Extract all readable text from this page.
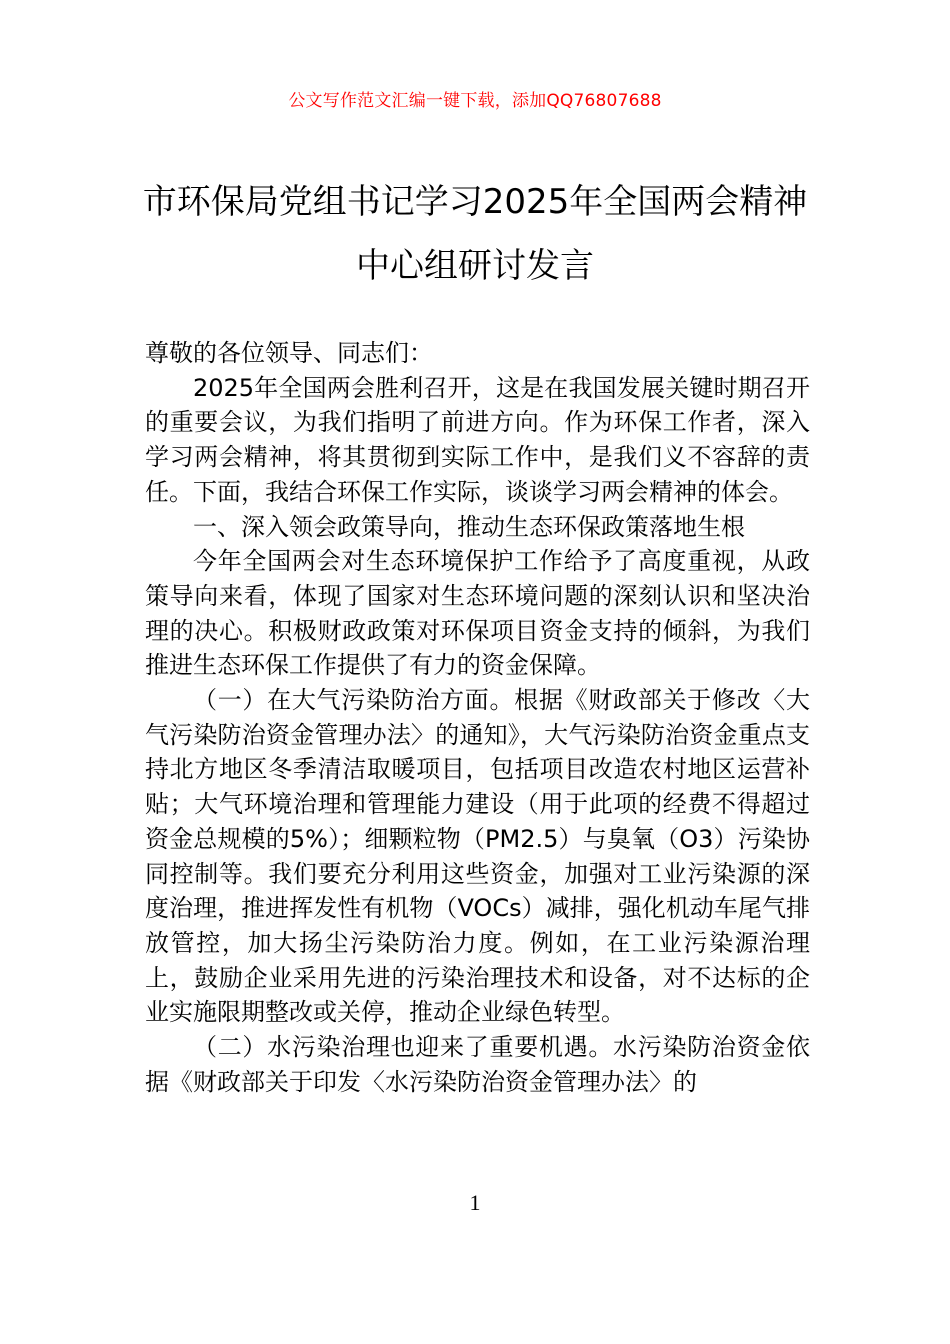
公文写作范文汇编一键下载，添加QQ76807688
市环保局党组书记学习2025年全国两会精神中心组研讨发言

尊敬的各位领导、同志们：

2025年全国两会胜利召开，这是在我国发展关键时期召开的重要会议，为我们指明了前进方向。作为环保工作者，深入学习两会精神，将其贯彻到实际工作中，是我们义不容辞的责任。下面，我结合环保工作实际，谈谈学习两会精神的体会。

一、深入领会政策导向，推动生态环保政策落地生根

今年全国两会对生态环境保护工作给予了高度重视，从政策导向来看，体现了国家对生态环境问题的深刻认识和坚决治理的决心。积极财政政策对环保项目资金支持的倾斜，为我们推进生态环保工作提供了有力的资金保障。

（一）在大气污染防治方面。根据《财政部关于修改〈大气污染防治资金管理办法〉的通知》，大气污染防治资金重点支持北方地区冬季清洁取暖项目，包括项目改造农村地区运营补贴；大气环境治理和管理能力建设（用于此项的经费不得超过资金总规模的5%）；细颗粒物（PM2.5）与臭氧（O3）污染协同控制等。我们要充分利用这些资金，加强对工业污染源的深度治理，推进挥发性有机物（VOCs）减排，强化机动车尾气排放管控，加大扬尘污染防治力度。例如，在工业污染源治理上，鼓励企业采用先进的污染治理技术和设备，对不达标的企业实施限期整改或关停，推动企业绿色转型。

（二）水污染治理也迎来了重要机遇。水污染防治资金依据《财政部关于印发〈水污染防治资金管理办法〉的

1
